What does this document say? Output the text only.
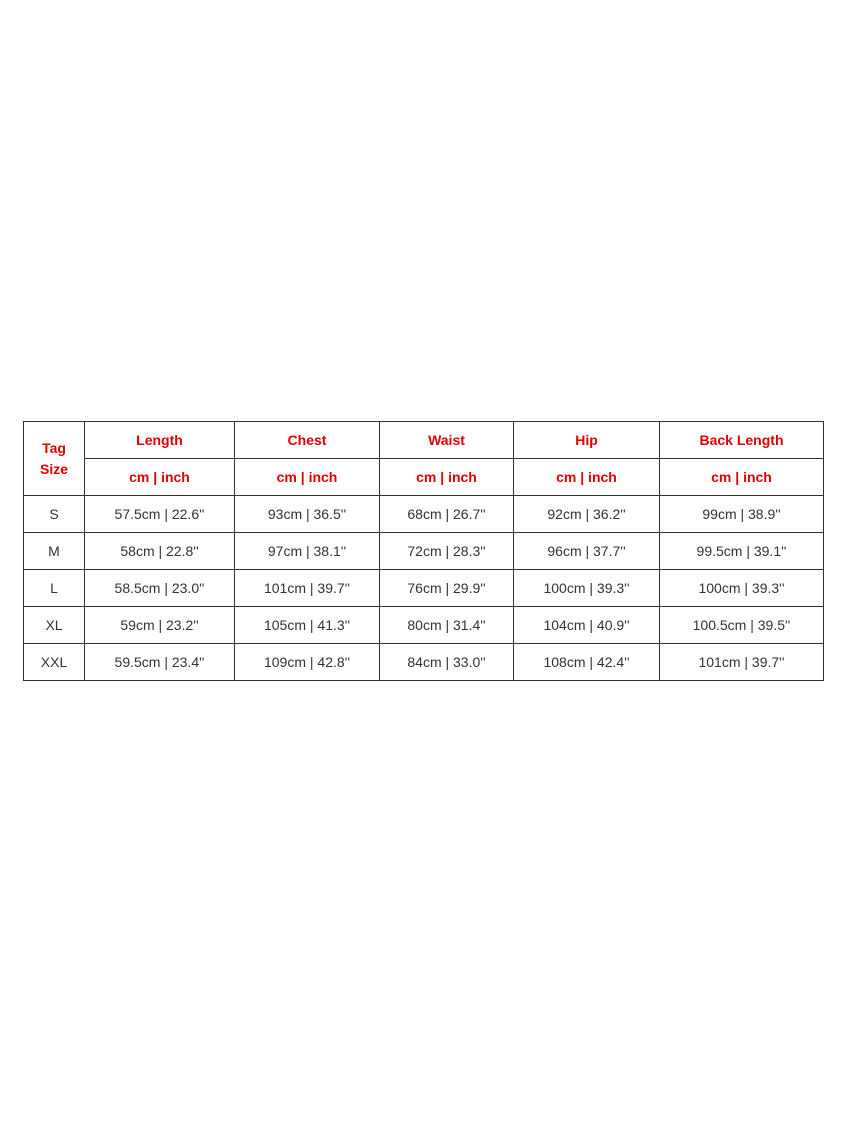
Tag
Size	Length	Chest	Waist	Hip	Back Length
	cm | inch	cm | inch	cm | inch	cm | inch	cm | inch
S	57.5cm | 22.6''	93cm | 36.5''	68cm | 26.7''	92cm | 36.2''	99cm | 38.9''
M	58cm | 22.8''	97cm | 38.1''	72cm | 28.3''	96cm | 37.7''	99.5cm | 39.1''
L	58.5cm | 23.0''	101cm | 39.7''	76cm | 29.9''	100cm | 39.3''	100cm | 39.3''
XL	59cm | 23.2''	105cm | 41.3''	80cm | 31.4''	104cm | 40.9''	100.5cm | 39.5''
XXL	59.5cm | 23.4''	109cm | 42.8''	84cm | 33.0''	108cm | 42.4''	101cm | 39.7''
